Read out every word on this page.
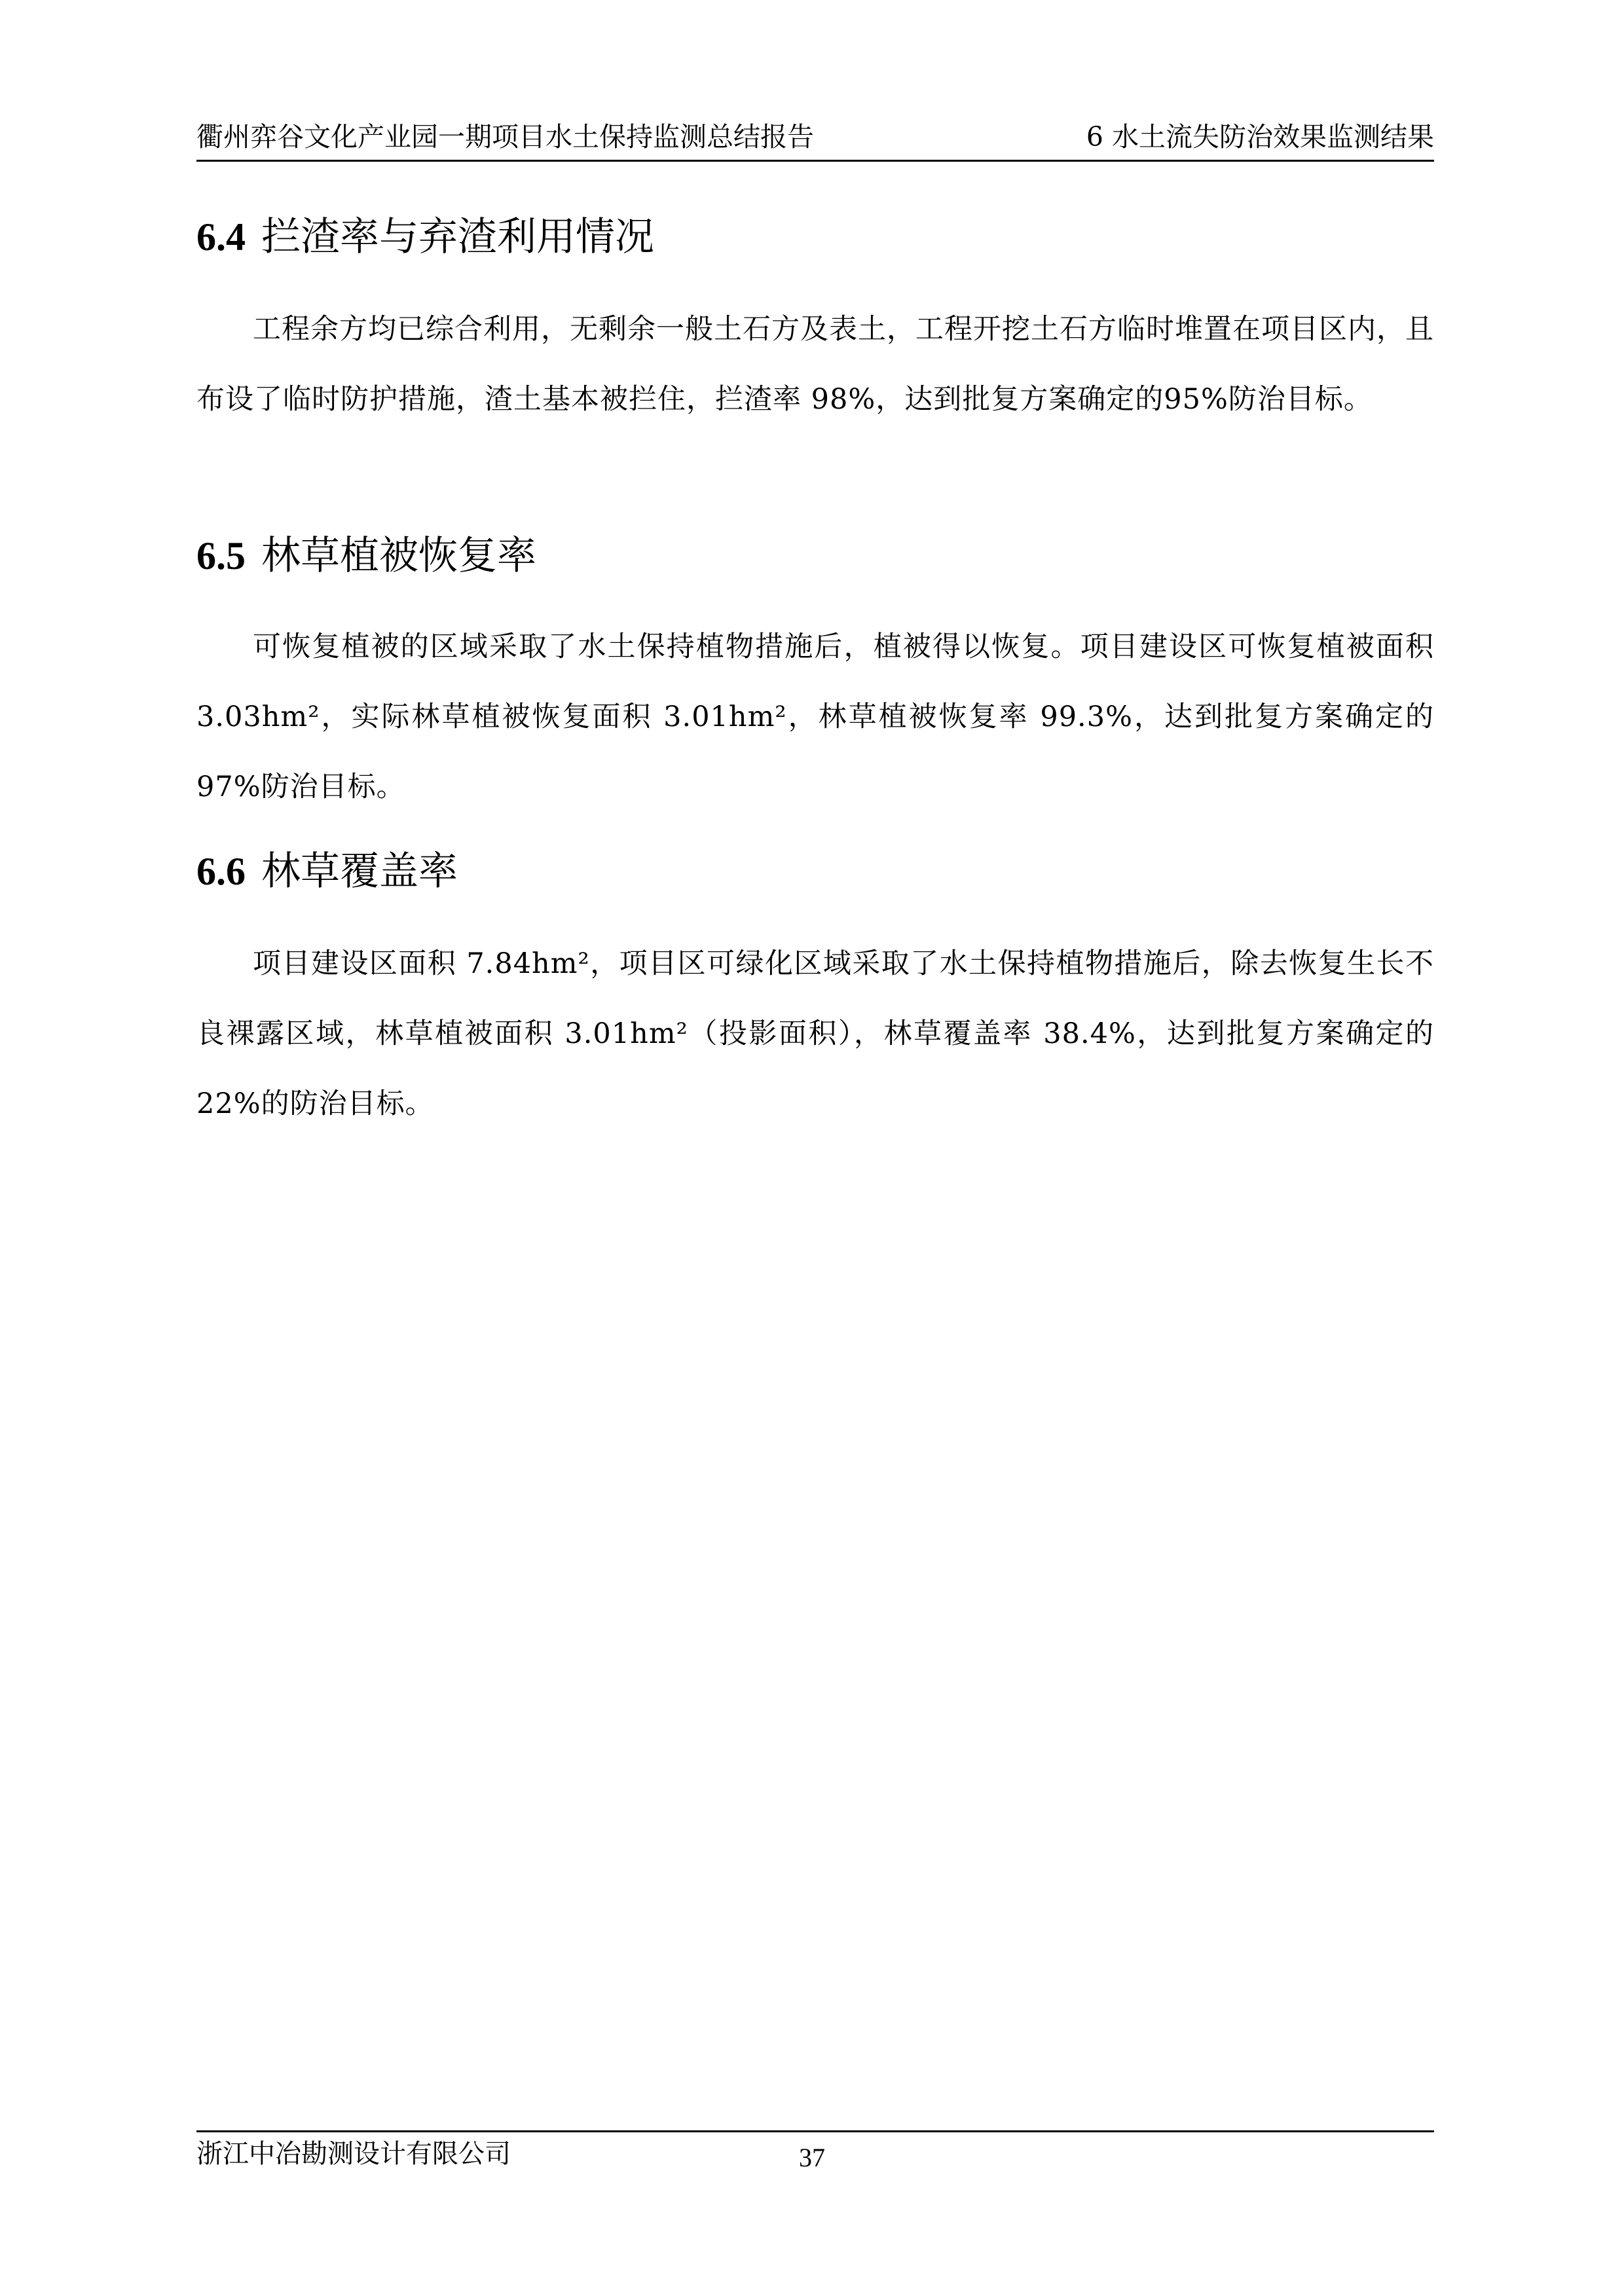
衢州弈谷文化产业园一期项目水土保持监测总结报告	6 水土流失防治效果监测结果
6.4 拦渣率与弃渣利用情况

工程余方均已综合利用，无剩余一般土石方及表土，工程开挖土石方临时堆置在项目区内，且布设了临时防护措施，渣土基本被拦住，拦渣率 98%，达到批复方案确定的95%防治目标。

6.5 林草植被恢复率

可恢复植被的区域采取了水土保持植物措施后，植被得以恢复。项目建设区可恢复植被面积 3.03hm²，实际林草植被恢复面积 3.01hm²，林草植被恢复率 99.3%，达到批复方案确定的 97%防治目标。

6.6 林草覆盖率

项目建设区面积 7.84hm²，项目区可绿化区域采取了水土保持植物措施后，除去恢复生长不良裸露区域，林草植被面积 3.01hm²（投影面积），林草覆盖率 38.4%，达到批复方案确定的 22%的防治目标。

浙江中冶勘测设计有限公司	37
